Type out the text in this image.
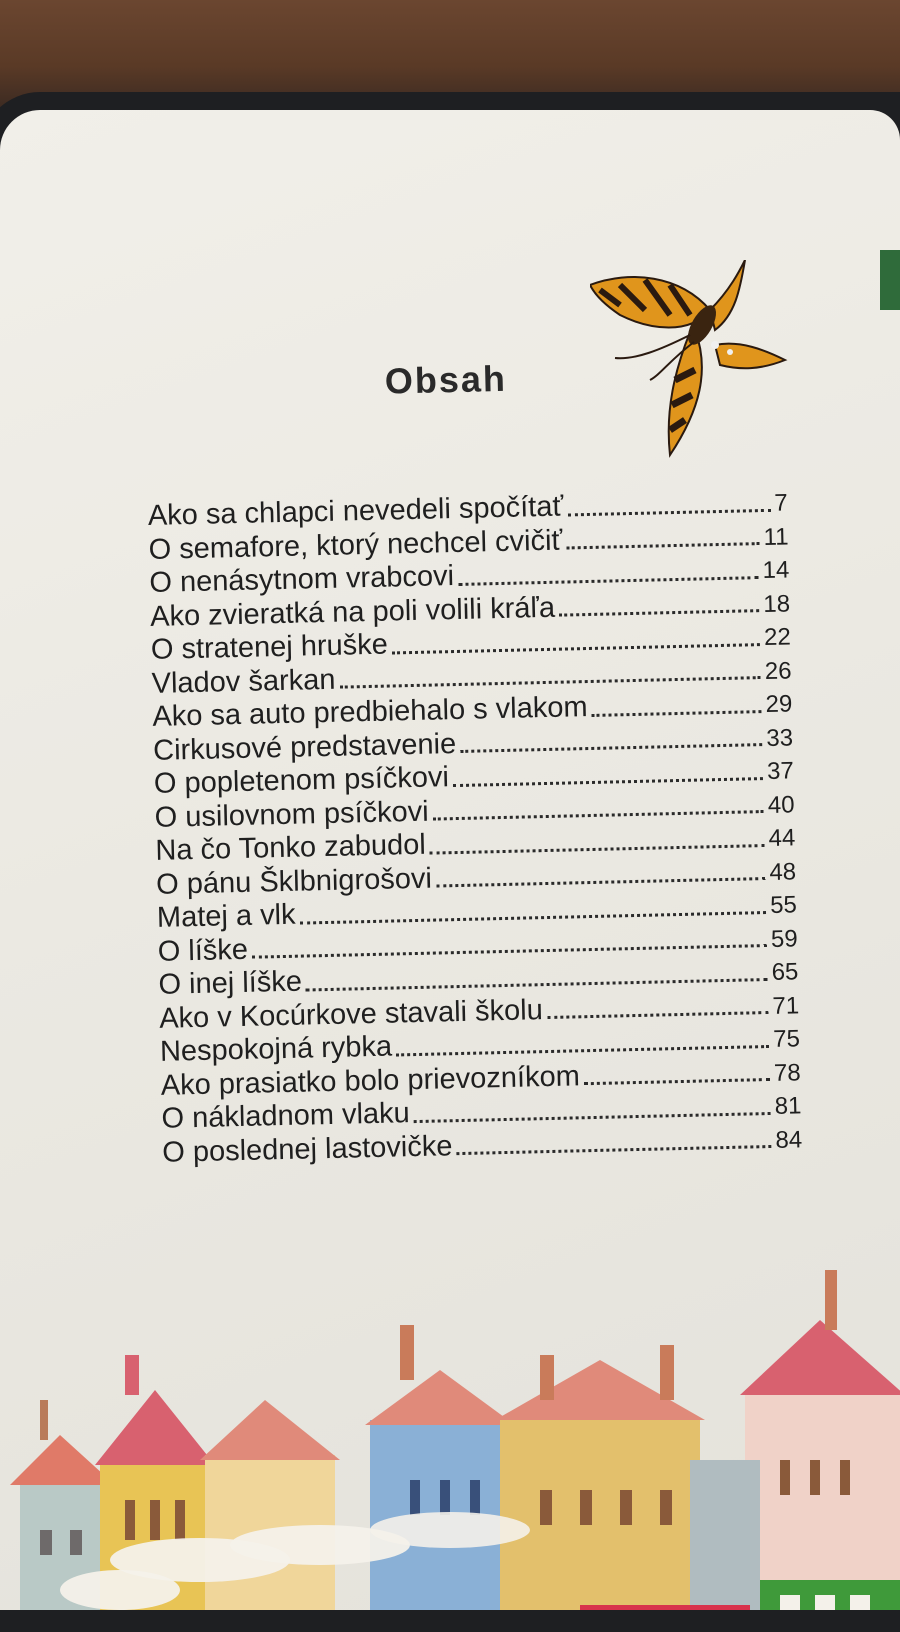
Obsah
Ako sa chlapci nevedeli spočítať	7
O semafore, ktorý nechcel cvičiť	11
O nenásytnom vrabcovi	14
Ako zvieratká na poli volili kráľa	18
O stratenej hruške	22
Vladov šarkan	26
Ako sa auto predbiehalo s vlakom	29
Cirkusové predstavenie	33
O popletenom psíčkovi	37
O usilovnom psíčkovi	40
Na čo Tonko zabudol	44
O pánu Šklbnigrošovi	48
Matej a vlk	55
O líške	59
O inej líške	65
Ako v Kocúrkove stavali školu	71
Nespokojná rybka	75
Ako prasiatko bolo prievozníkom	78
O nákladnom vlaku	81
O poslednej lastovičke	84
